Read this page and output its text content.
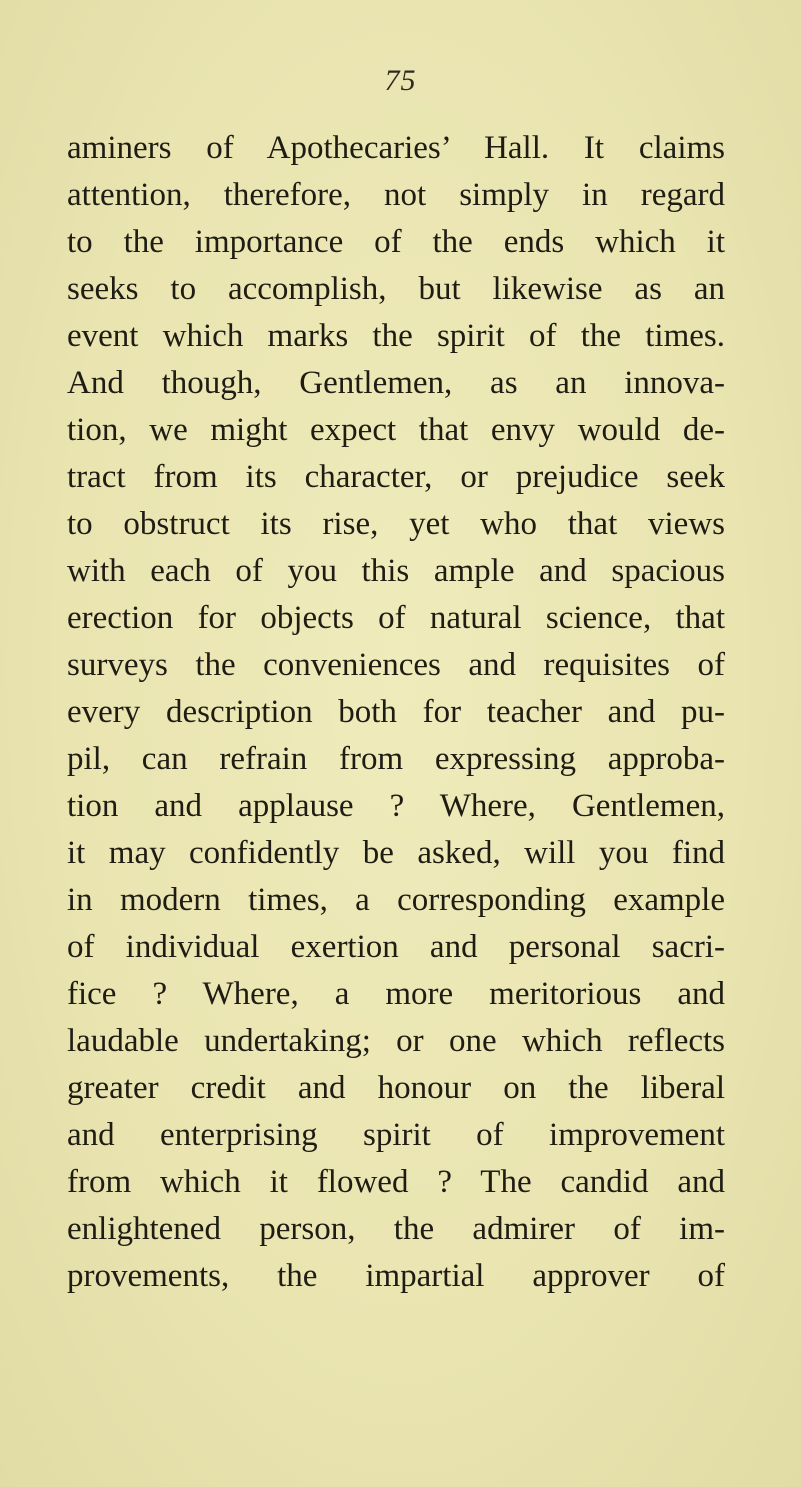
75
aminers of Apothecaries’ Hall. It claims
attention, therefore, not simply in regard
to the importance of the ends which it
seeks to accomplish, but likewise as an
event which marks the spirit of the times.
And though, Gentlemen, as an innova-
tion, we might expect that envy would de-
tract from its character, or prejudice seek
to obstruct its rise, yet who that views
with each of you this ample and spacious
erection for objects of natural science, that
surveys the conveniences and requisites of
every description both for teacher and pu-
pil, can refrain from expressing approba-
tion and applause ? Where, Gentlemen,
it may confidently be asked, will you find
in modern times, a corresponding example
of individual exertion and personal sacri-
fice ? Where, a more meritorious and
laudable undertaking; or one which reflects
greater credit and honour on the liberal
and enterprising spirit of improvement
from which it flowed ? The candid and
enlightened person, the admirer of im-
provements, the impartial approver of
